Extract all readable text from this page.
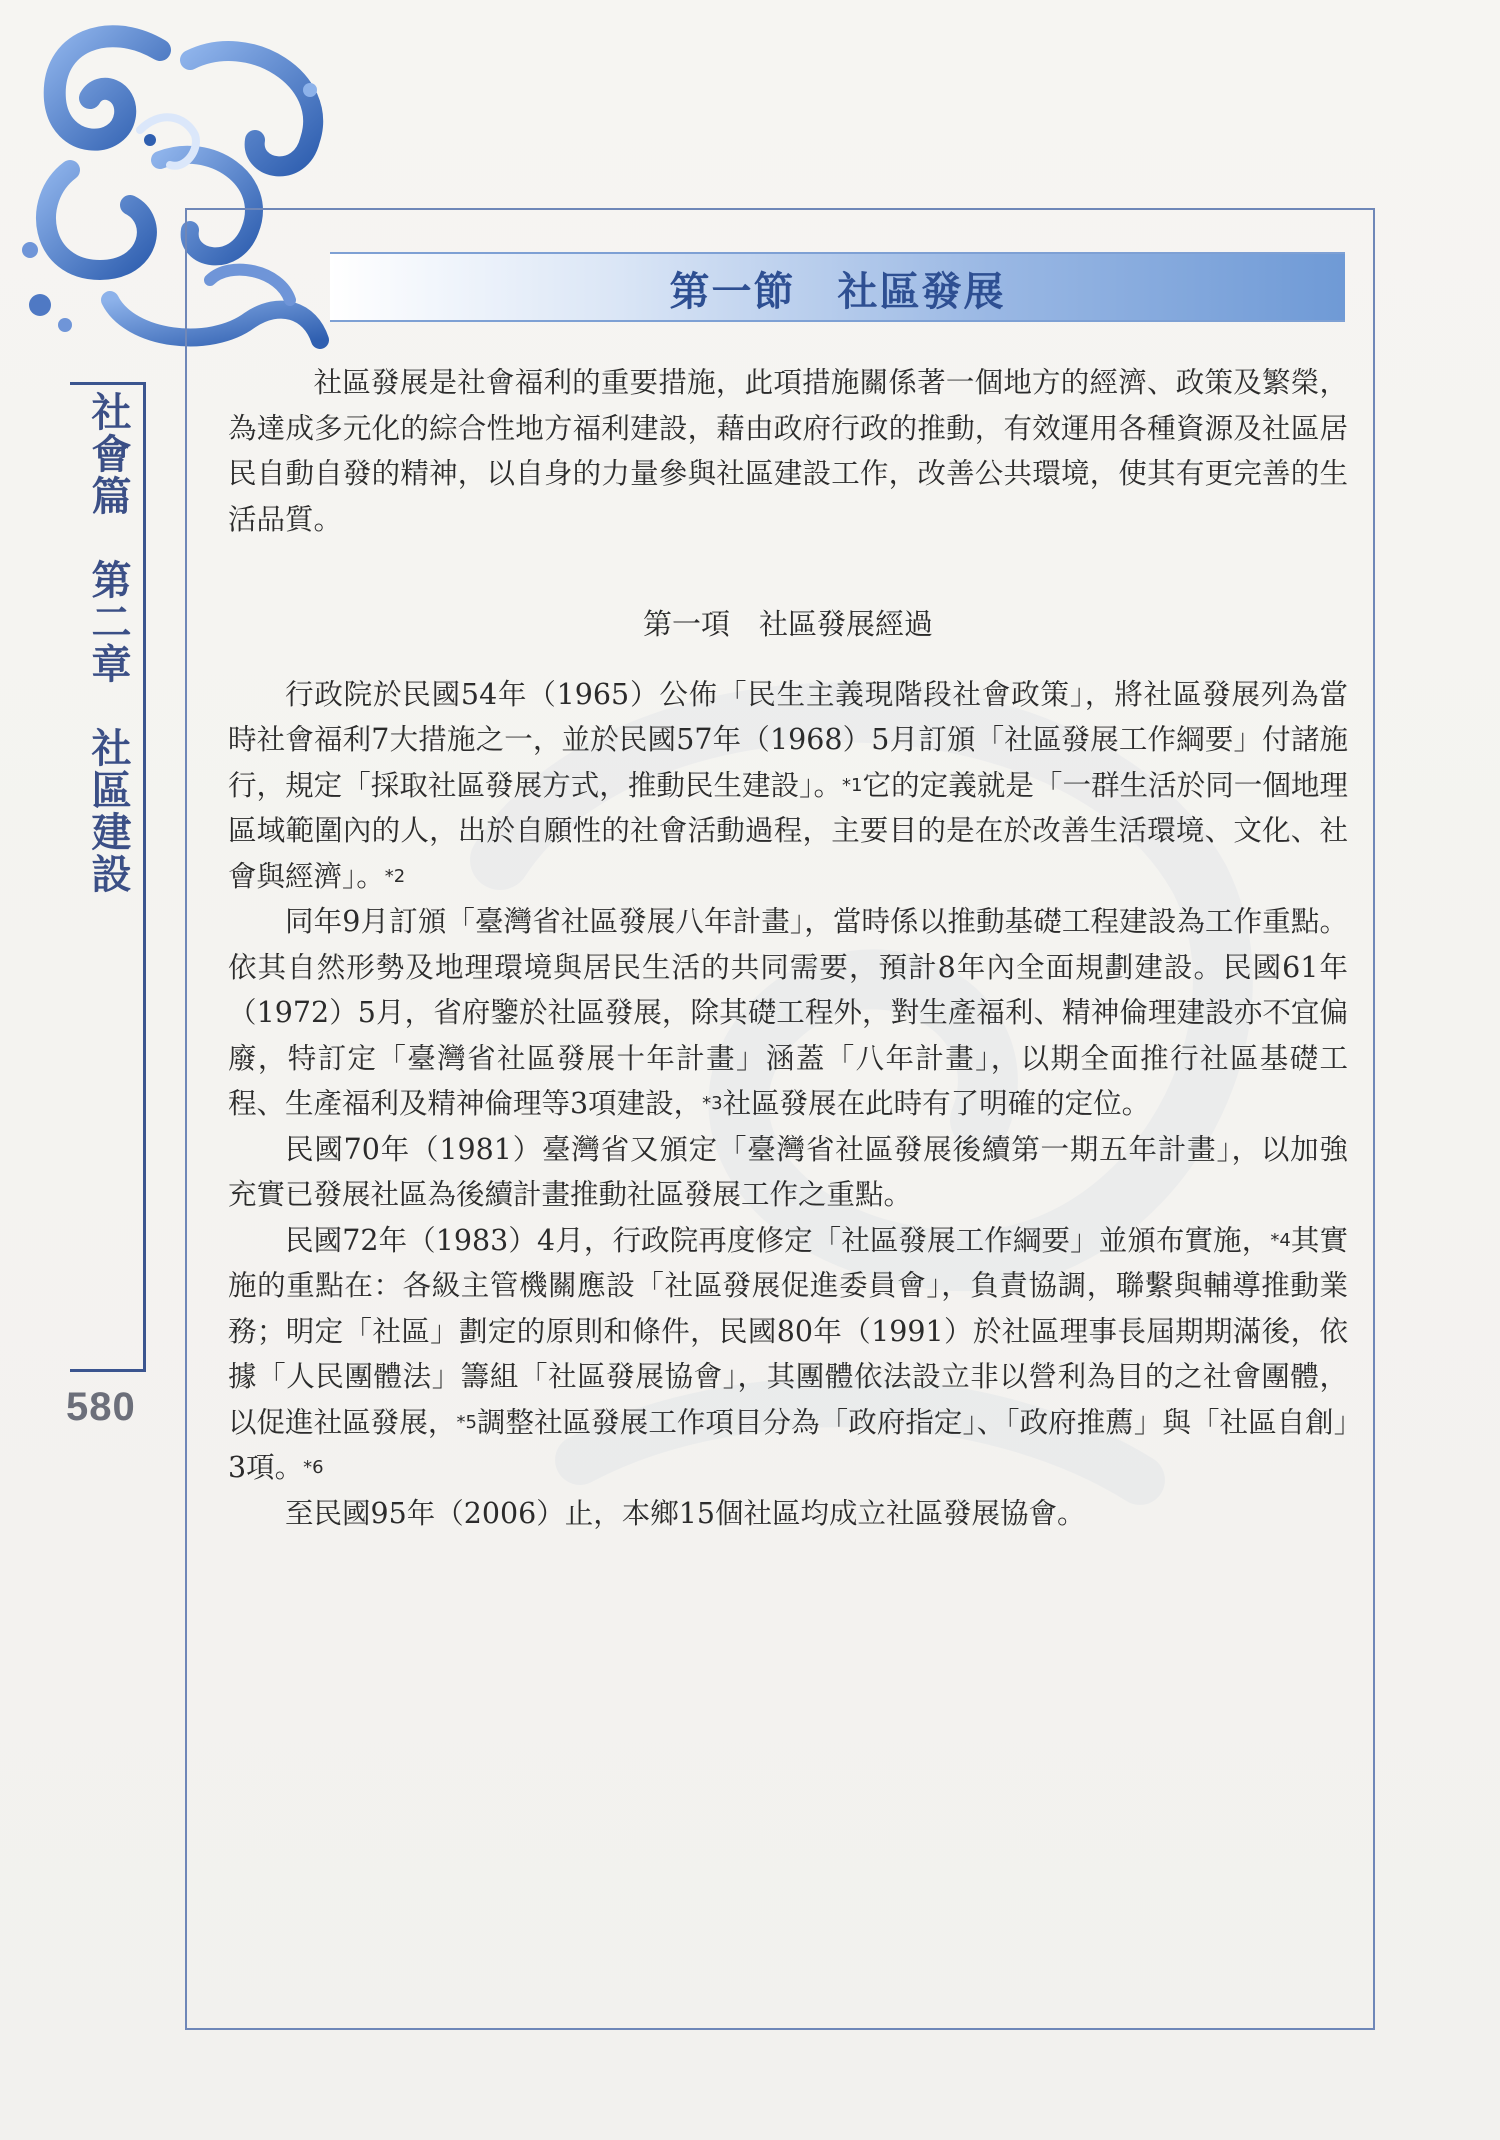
第一節　社區發展
社會篇　第二章　社區建設
580

社區發展是社會福利的重要措施，此項措施關係著一個地方的經濟、政策及繁榮，為達成多元化的綜合性地方福利建設，藉由政府行政的推動，有效運用各種資源及社區居民自動自發的精神，以自身的力量參與社區建設工作，改善公共環境，使其有更完善的生活品質。

第一項　社區發展經過

行政院於民國54年（1965）公佈「民生主義現階段社會政策」，將社區發展列為當時社會福利7大措施之一，並於民國57年（1968）5月訂頒「社區發展工作綱要」付諸施行，規定「採取社區發展方式，推動民生建設」。*1它的定義就是「一群生活於同一個地理區域範圍內的人，出於自願性的社會活動過程，主要目的是在於改善生活環境、文化、社會與經濟」。*2

同年9月訂頒「臺灣省社區發展八年計畫」，當時係以推動基礎工程建設為工作重點。依其自然形勢及地理環境與居民生活的共同需要，預計8年內全面規劃建設。民國61年（1972）5月，省府鑒於社區發展，除其礎工程外，對生產福利、精神倫理建設亦不宜偏廢，特訂定「臺灣省社區發展十年計畫」涵蓋「八年計畫」，以期全面推行社區基礎工程、生產福利及精神倫理等3項建設，*3社區發展在此時有了明確的定位。

民國70年（1981）臺灣省又頒定「臺灣省社區發展後續第一期五年計畫」，以加強充實已發展社區為後續計畫推動社區發展工作之重點。

民國72年（1983）4月，行政院再度修定「社區發展工作綱要」並頒布實施，*4其實施的重點在：各級主管機關應設「社區發展促進委員會」，負責協調，聯繫與輔導推動業務；明定「社區」劃定的原則和條件，民國80年（1991）於社區理事長屆期期滿後，依據「人民團體法」籌組「社區發展協會」，其團體依法設立非以營利為目的之社會團體，以促進社區發展，*5調整社區發展工作項目分為「政府指定」、「政府推薦」與「社區自創」3項。*6

至民國95年（2006）止，本鄉15個社區均成立社區發展協會。
